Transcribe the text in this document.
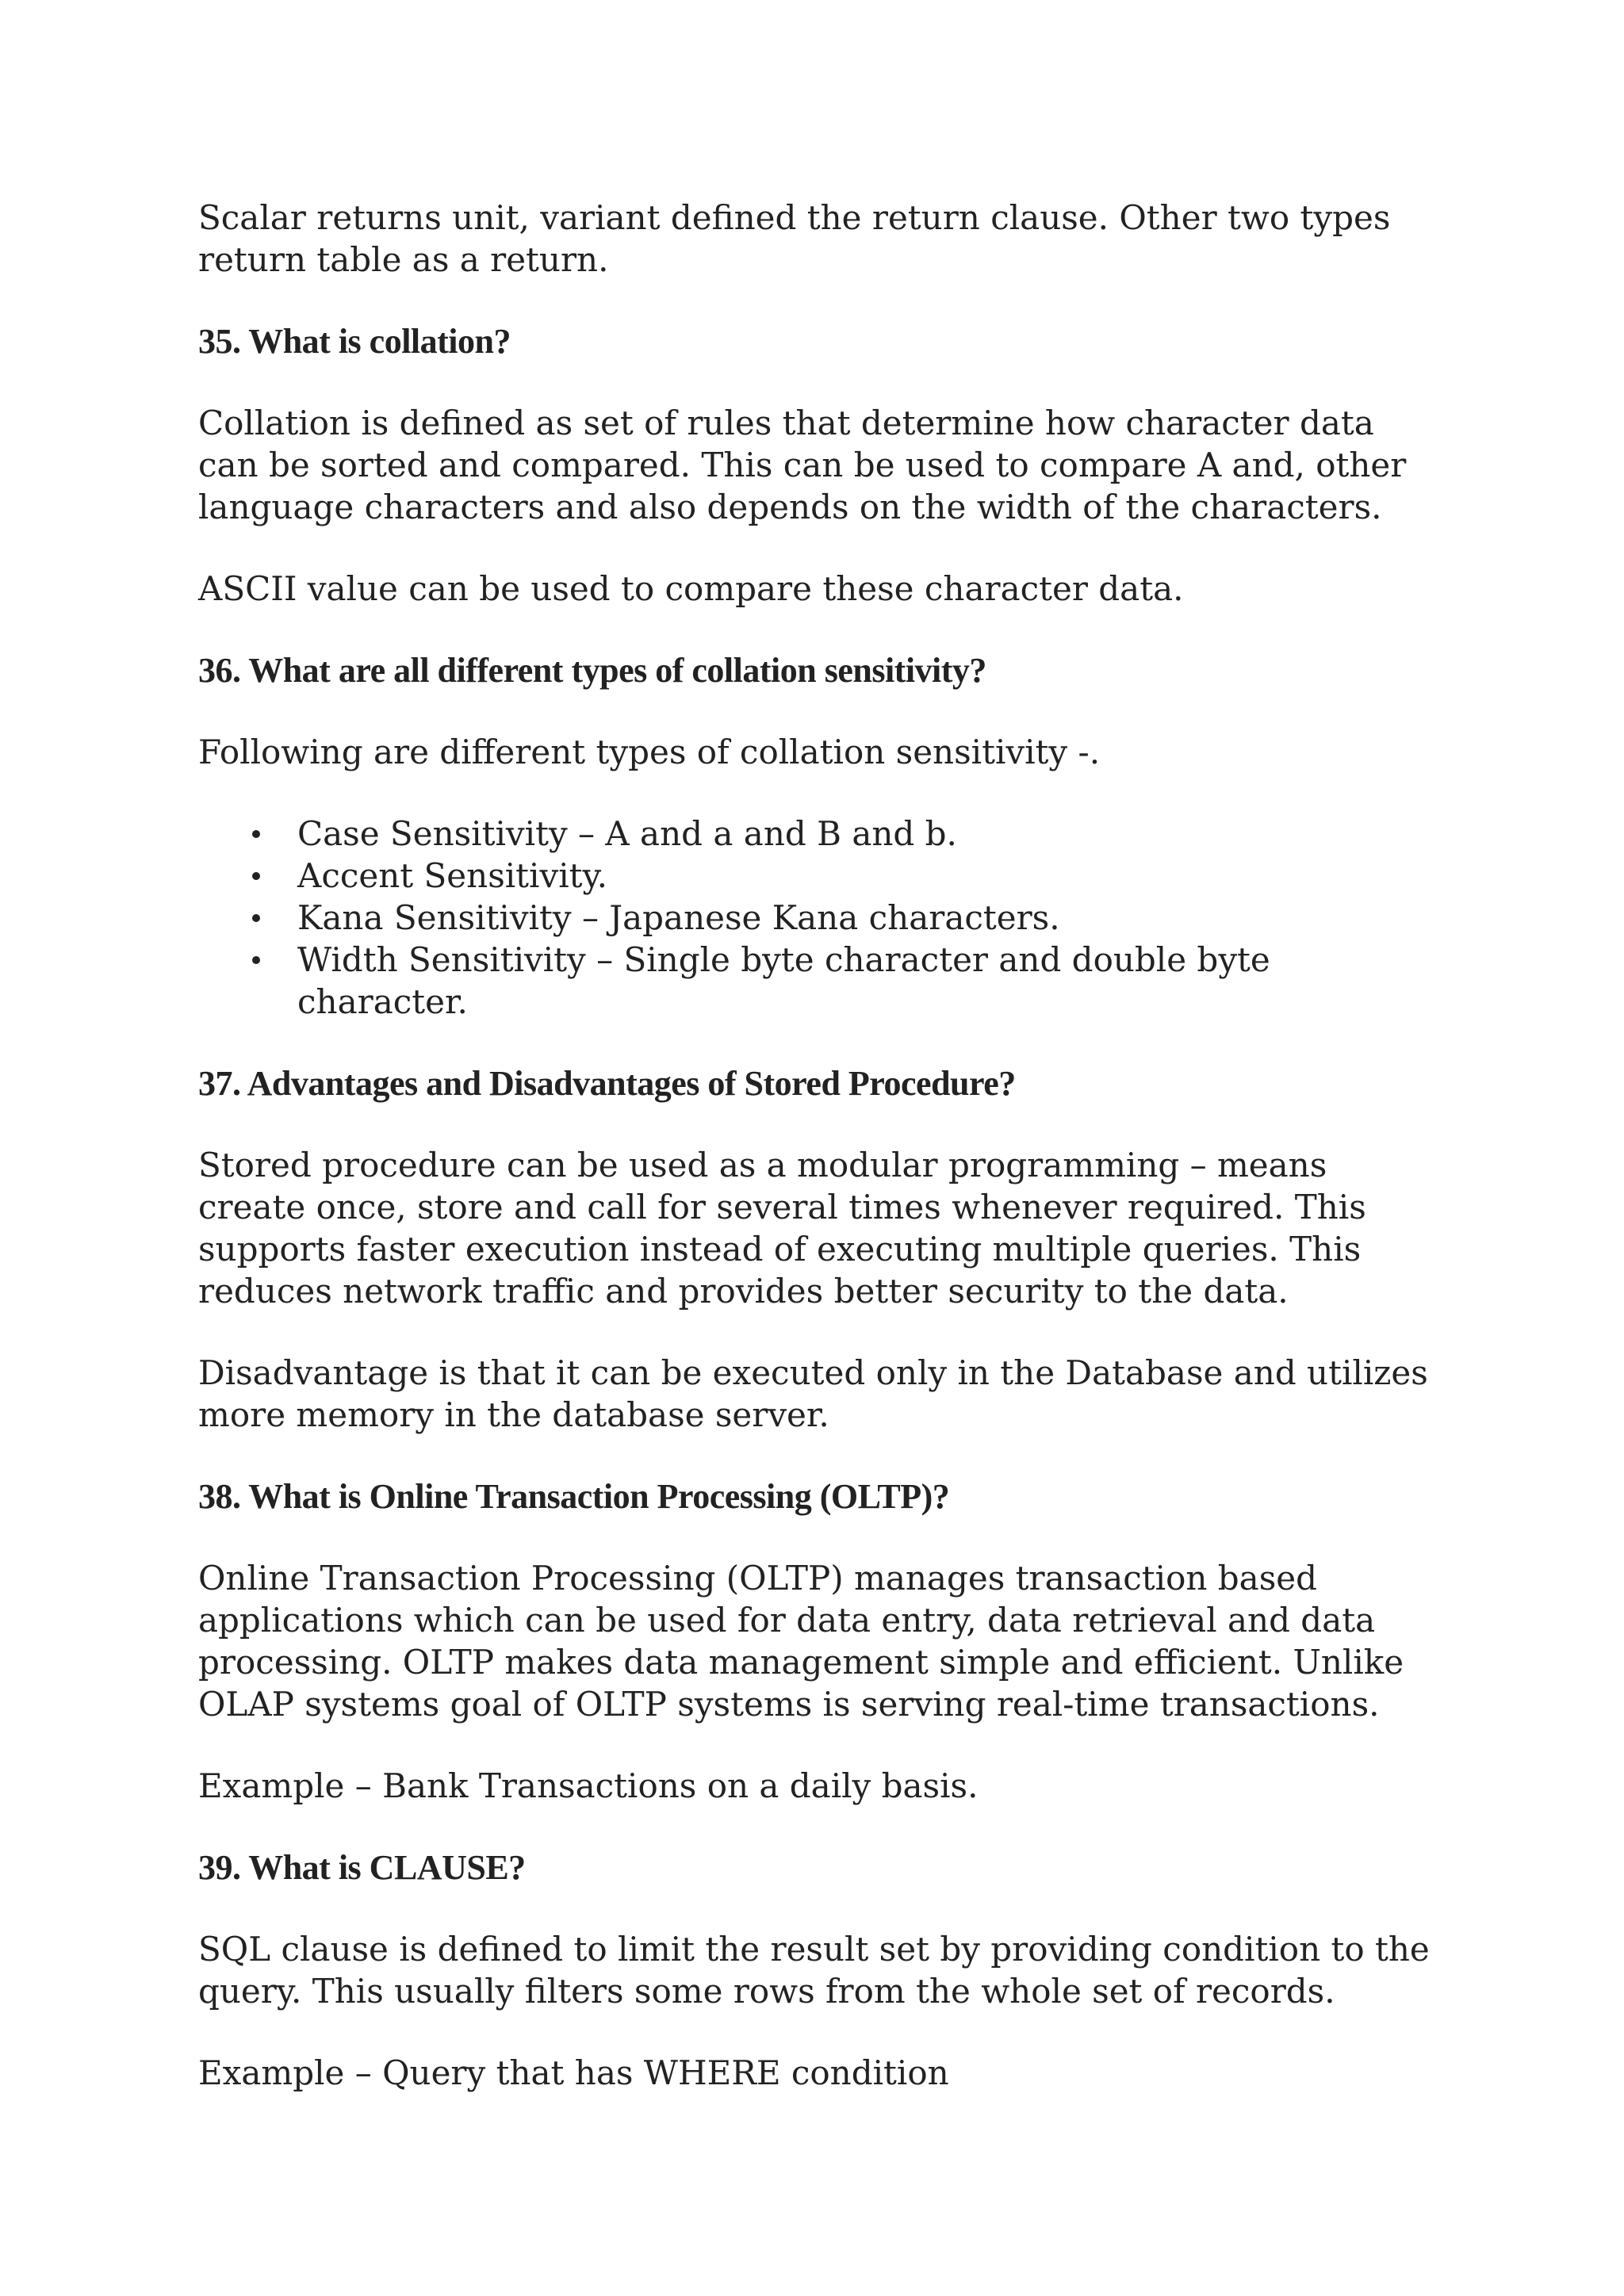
Scalar returns unit, variant defined the return clause. Other two types return table as a return.

35. What is collation?

Collation is defined as set of rules that determine how character data can be sorted and compared. This can be used to compare A and, other language characters and also depends on the width of the characters.

ASCII value can be used to compare these character data.

36. What are all different types of collation sensitivity?

Following are different types of collation sensitivity -.

Case Sensitivity – A and a and B and b.
Accent Sensitivity.
Kana Sensitivity – Japanese Kana characters.
Width Sensitivity – Single byte character and double byte character.
37. Advantages and Disadvantages of Stored Procedure?

Stored procedure can be used as a modular programming – means create once, store and call for several times whenever required. This supports faster execution instead of executing multiple queries. This reduces network traffic and provides better security to the data.

Disadvantage is that it can be executed only in the Database and utilizes more memory in the database server.

38. What is Online Transaction Processing (OLTP)?

Online Transaction Processing (OLTP) manages transaction based applications which can be used for data entry, data retrieval and data processing. OLTP makes data management simple and efficient. Unlike OLAP systems goal of OLTP systems is serving real-time transactions.

Example – Bank Transactions on a daily basis.

39. What is CLAUSE?

SQL clause is defined to limit the result set by providing condition to the query. This usually filters some rows from the whole set of records.

Example – Query that has WHERE condition
